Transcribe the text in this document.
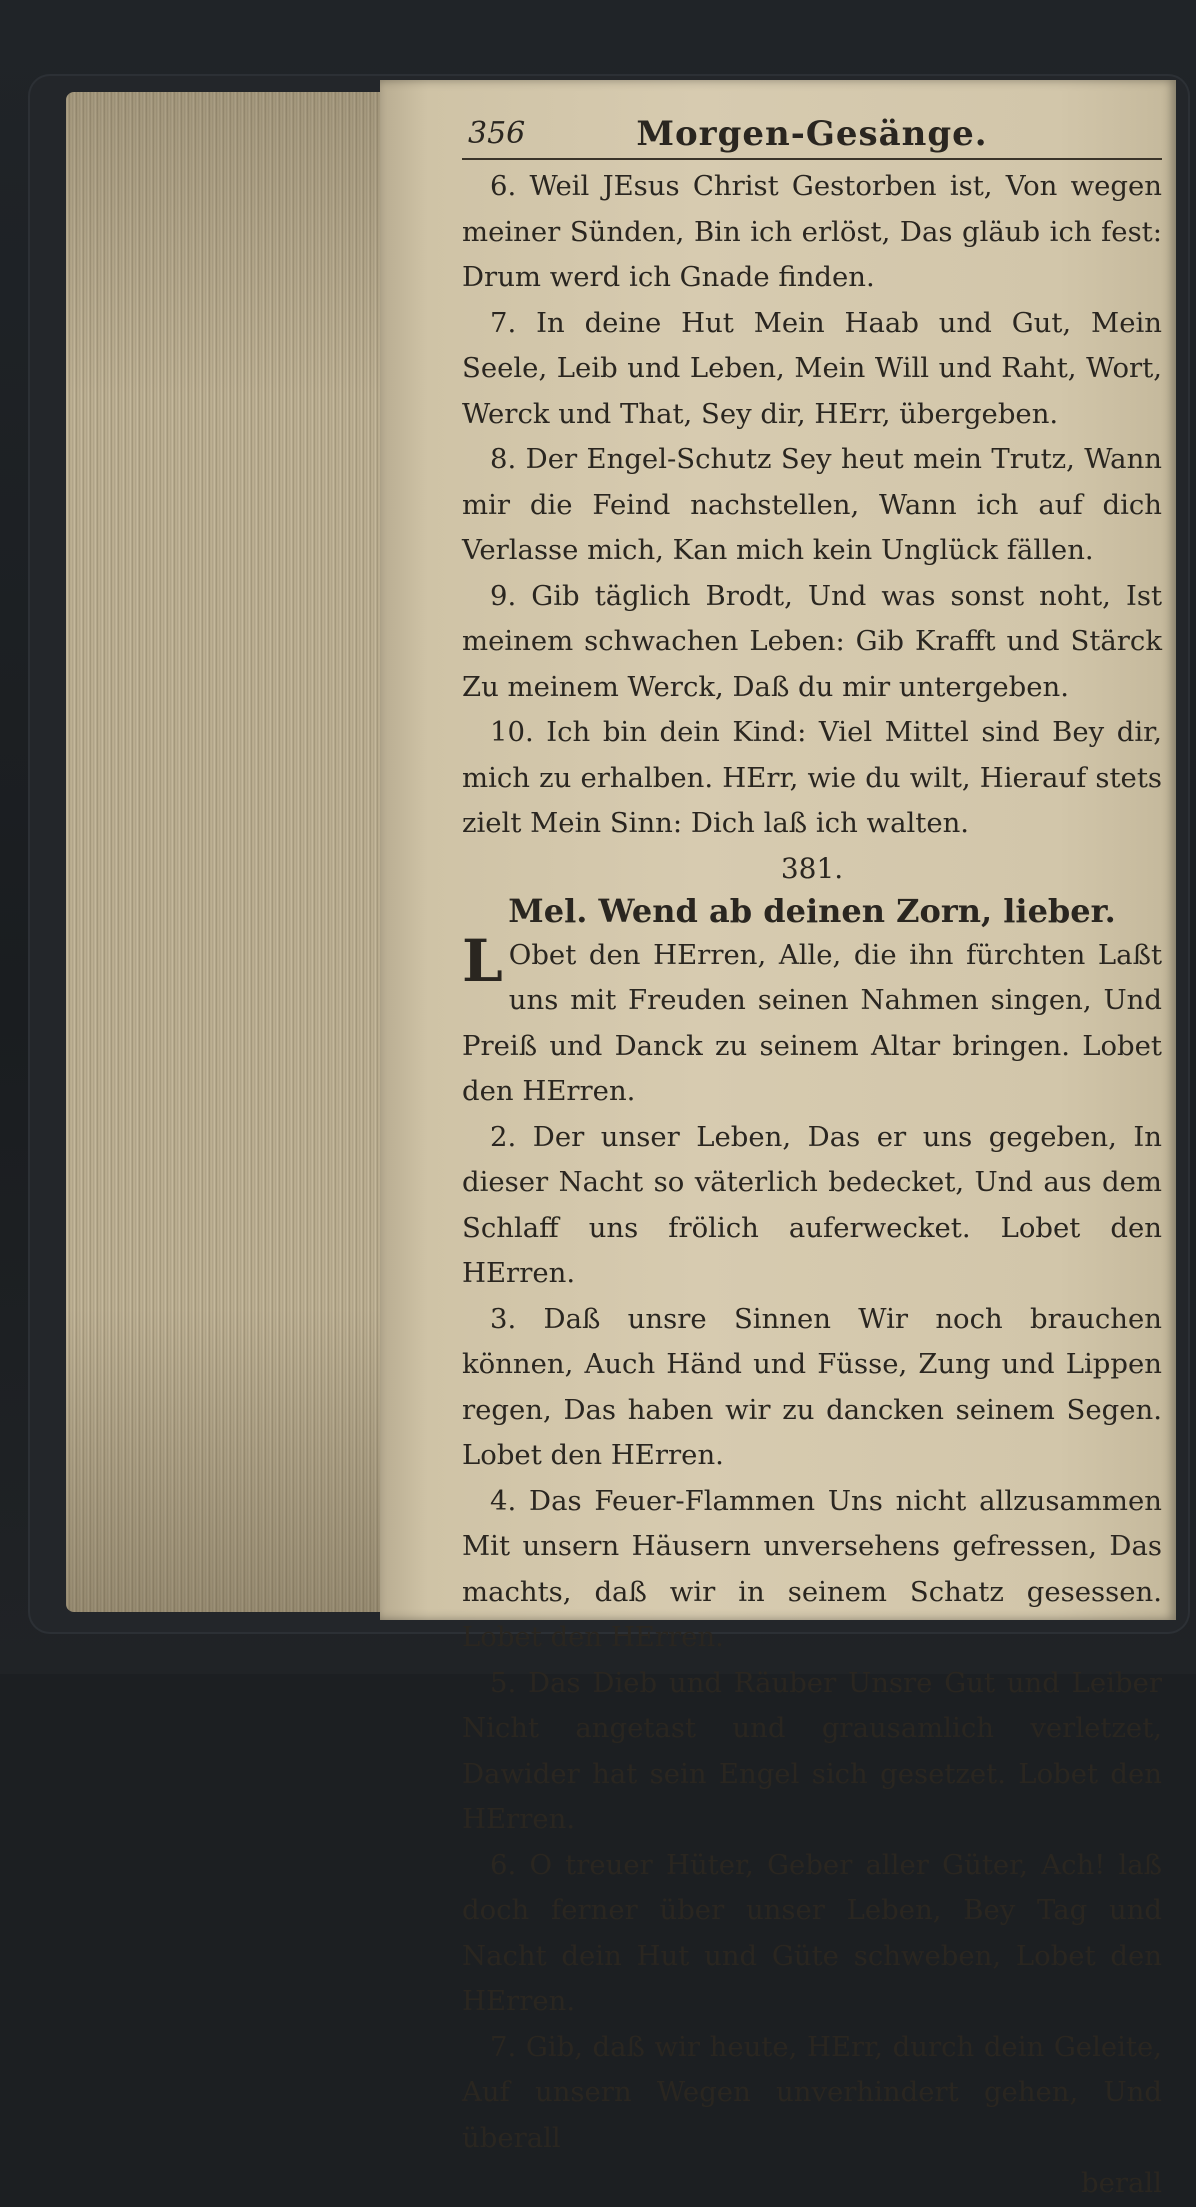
356	Morgen-Gesänge.
6. Weil JEsus Christ Gestorben ist, Von wegen meiner Sünden, Bin ich erlöst, Das gläub ich fest: Drum werd ich Gnade finden.
7. In deine Hut Mein Haab und Gut, Mein Seele, Leib und Leben, Mein Will und Raht, Wort, Werck und That, Sey dir, HErr, übergeben.
8. Der Engel-Schutz Sey heut mein Trutz, Wann mir die Feind nachstellen, Wann ich auf dich Verlasse mich, Kan mich kein Unglück fällen.
9. Gib täglich Brodt, Und was sonst noht, Ist meinem schwachen Leben: Gib Krafft und Stärck Zu meinem Werck, Daß du mir untergeben.
10. Ich bin dein Kind: Viel Mittel sind Bey dir, mich zu erhalben. HErr, wie du wilt, Hierauf stets zielt Mein Sinn: Dich laß ich walten.
381.
Mel. Wend ab deinen Zorn, lieber.
L Obet den HErren, Alle, die ihn fürchten Laßt uns mit Freuden seinen Nahmen singen, Und Preiß und Danck zu seinem Altar bringen. Lobet den HErren.
2. Der unser Leben, Das er uns gegeben, In dieser Nacht so väterlich bedecket, Und aus dem Schlaff uns frölich auferwecket. Lobet den HErren.
3. Daß unsre Sinnen Wir noch brauchen können, Auch Händ und Füsse, Zung und Lippen regen, Das haben wir zu dancken seinem Segen. Lobet den HErren.
4. Das Feuer-Flammen Uns nicht allzusammen Mit unsern Häusern unversehens gefressen, Das machts, daß wir in seinem Schatz gesessen. Lobet den HErren.
5. Das Dieb und Räuber Unsre Gut und Leiber Nicht angetast und grausamlich verletzet, Dawider hat sein Engel sich gesetzet. Lobet den HErren.
6. O treuer Hüter, Geber aller Güter, Ach! laß doch ferner über unser Leben, Bey Tag und Nacht dein Hut und Güte schweben, Lobet den HErren.
7. Gib, daß wir heute, HErr, durch dein Geleite, Auf unsern Wegen unverhindert gehen, Und überall
berall
